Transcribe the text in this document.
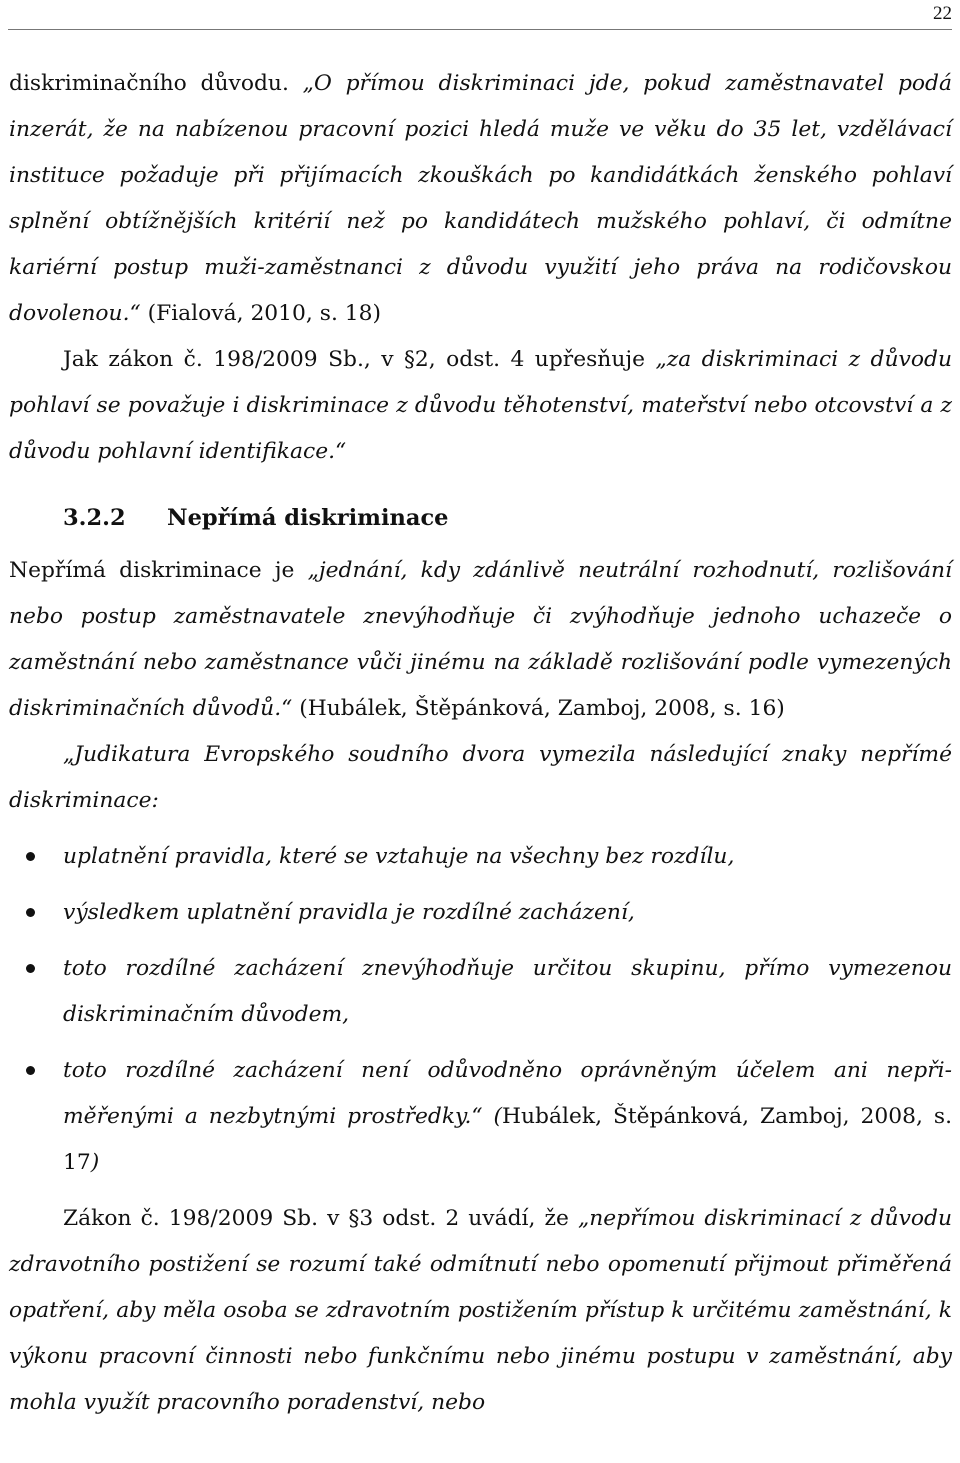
22

diskriminačního důvodu. „O přímou diskriminaci jde, pokud zaměstnavatel podá inzerát, že na nabízenou pracovní pozici hledá muže ve věku do 35 let, vzdělávací instituce požaduje při přijímacích zkouškách po kandidátkách ženského pohlaví splnění obtížnějších kritérií než po kandidátech mužského pohlaví, či odmítne kariérní postup muži-zaměstnanci z důvodu využití jeho práva na rodičovskou dovolenou.“ (Fialová, 2010, s. 18)

Jak zákon č. 198/2009 Sb., v §2, odst. 4 upřesňuje „za diskriminaci z důvodu pohlaví se považuje i diskriminace z důvodu těhotenství, mateřství nebo otcovství a z důvodu pohlavní identifikace.“

3.2.2 Nepřímá diskriminace

Nepřímá diskriminace je „jednání, kdy zdánlivě neutrální rozhodnutí, rozlišování nebo postup zaměstnavatele znevýhodňuje či zvýhodňuje jednoho uchazeče o zaměstnání nebo zaměstnance vůči jinému na základě rozlišování podle vymezených diskriminačních důvodů.“ (Hubálek, Štěpánková, Zamboj, 2008, s. 16)

„Judikatura Evropského soudního dvora vymezila následující znaky nepřímé diskriminace:

uplatnění pravidla, které se vztahuje na všechny bez rozdílu,
výsledkem uplatnění pravidla je rozdílné zacházení,
toto rozdílné zacházení znevýhodňuje určitou skupinu, přímo vymezenou diskriminačním důvodem,
toto rozdílné zacházení není odůvodněno oprávněným účelem ani nepřiměřenými a nezbytnými prostředky.“ (Hubálek, Štěpánková, Zamboj, 2008, s. 17)

Zákon č. 198/2009 Sb. v §3 odst. 2 uvádí, že „nepřímou diskriminací z důvodu zdravotního postižení se rozumí také odmítnutí nebo opomenutí přijmout přiměřená opatření, aby měla osoba se zdravotním postižením přístup k určitému zaměstnání, k výkonu pracovní činnosti nebo funkčnímu nebo jinému postupu v zaměstnání, aby mohla využít pracovního poradenství, nebo
